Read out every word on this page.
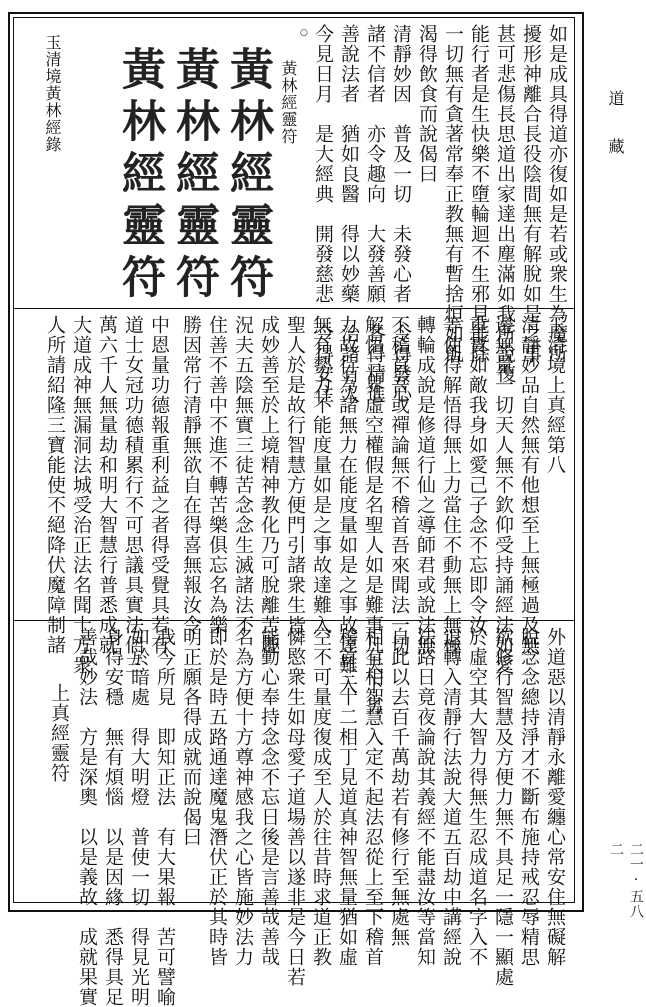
道藏
二一·五八二
如是成具得道亦復如是若或衆生為魔所
擾形神離合長役陰間無有解脫如是之事
甚可悲傷長思道出家達出塵滿如我所說復
能行者是生快樂不墮輪迴不生邪見能除
一切無有貪著常奉正教無有暫捨恒如飢
渴得飲食而說偈曰
清靜妙因　普及一切　未發心者　令得發心
諸不信者　亦令趣向　大發善願　各得精進
善說法者　猶如良醫　得以妙藥　治諸有人
今見日月　是大經典　開發慈悲　令得安住
○
黃林經靈符
黃林經靈符
黃林經靈符
黃林經靈符
玉清境黃林經錄
玉清境上真經第八
清靜妙品自然無有他想至上無極過及無
邊無量一切天人無不欽仰受持誦經法如愛
重寶如敵我身如愛己子念不忘即令汝
等使得解悟得無上力當住不動無上無極
轉輪成說是修道行仙之導師君或說法無
不稽首吾或禪論無不稽首吾來聞法一切
解悟三界虛空權假是名聖人如是難事凡夫下劣
力故行為諸無力在能度量如是之事故達難入
無有勢力不能度量如是之事故達難入
聖人於是故行智慧方便門引諸衆生皆
成妙善至於上境精神教化乃可脫離苦趣
況夫五陰無實三徒苦念念生滅諸法不
住善不善中不進不轉苦樂俱忘名為樂
勝因常行清靜無欲自在得喜無報汝令
中恩量功德報重利益之者得受覺具若有
道士女冠功德積累行不可思議具實法侶三
萬六千人無量劫和明大智慧行普悉成就
大道成神無漏洞法城受治正法名聞十方衆
人所請紹隆三寶能使不絕降伏魔障制諸
外道惡以清靜永離愛纏心常安住無礙解
脫念念總持淨才不斷布施持戒忍辱精思
欲修行智慧及方便力無不具足一隱一顯處
於虛空其大智力得無生忍成道名字入不
退轉入清靜行法說大道五百劫中講經說
法路日竟夜論說其義經不能盡汝等當知
自此以去百千萬劫若有修行至無處無
相有相智慧入定不起法忍從上至下稽首
稽首三十二相丁見道真神智無量猶如虛
空不可量度復成至人於往昔時求道正教
憐愍衆生如母愛子道場善以遂非是今日若
能勤心奉持念念不忘日後是言善哉善哉
名為方便十方尊神感我之心皆施妙法力
即於是時五路通達魔鬼潛伏正於其時皆
明正願各得成就而說偈曰
我今所見　即知正法　有大果報　苦可譬喻
如於暗處　得大明燈　普使一切　得見光明
身得安穩　無有煩惱　以是因緣　悉得具足
善哉妙法　方是深奧　以是義故　成就果實
上真經靈符
